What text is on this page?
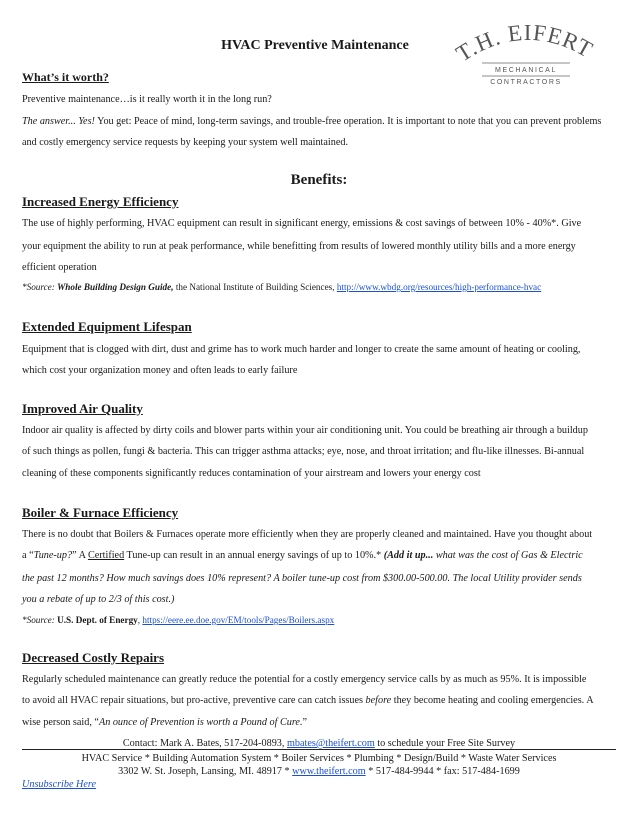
HVAC Preventive Maintenance	T.H. EIFERT
MECHANICAL
CONTRACTORS
What’s it worth?
Preventive maintenance…is it really worth it in the long run?
The answer... Yes! You get: Peace of mind, long-term savings, and trouble-free operation. It is important to note that you can prevent problems
and costly emergency service requests by keeping your system well maintained.
Benefits:
Increased Energy Efficiency
The use of highly performing, HVAC equipment can result in significant energy, emissions & cost savings of between 10% - 40%*. Give
your equipment the ability to run at peak performance, while benefitting from results of lowered monthly utility bills and a more energy
efficient operation
*Source: Whole Building Design Guide, the National Institute of Building Sciences, http://www.wbdg.org/resources/high-performance-hvac
Extended Equipment Lifespan
Equipment that is clogged with dirt, dust and grime has to work much harder and longer to create the same amount of heating or cooling,
which cost your organization money and often leads to early failure
Improved Air Quality
Indoor air quality is affected by dirty coils and blower parts within your air conditioning unit. You could be breathing air through a buildup
of such things as pollen, fungi & bacteria. This can trigger asthma attacks; eye, nose, and throat irritation; and flu-like illnesses. Bi-annual
cleaning of these components significantly reduces contamination of your airstream and lowers your energy cost
Boiler & Furnace Efficiency
There is no doubt that Boilers & Furnaces operate more efficiently when they are properly cleaned and maintained. Have you thought about
a “Tune-up?” A Certified Tune-up can result in an annual energy savings of up to 10%.* (Add it up... what was the cost of Gas & Electric
the past 12 months? How much savings does 10% represent? A boiler tune-up cost from $300.00-500.00. The local Utility provider sends
you a rebate of up to 2/3 of this cost.)
*Source: U.S. Dept. of Energy, https://eere.ee.doe.gov/EM/tools/Pages/Boilers.aspx
Decreased Costly Repairs
Regularly scheduled maintenance can greatly reduce the potential for a costly emergency service calls by as much as 95%. It is impossible
to avoid all HVAC repair situations, but pro-active, preventive care can catch issues before they become heating and cooling emergencies. A
wise person said, “An ounce of Prevention is worth a Pound of Cure.”
Contact: Mark A. Bates, 517-204-0893, mbates@theifert.com to schedule your Free Site Survey
HVAC Service * Building Automation System * Boiler Services * Plumbing * Design/Build * Waste Water Services
3302 W. St. Joseph, Lansing, MI. 48917 * www.theifert.com * 517-484-9944 * fax: 517-484-1699
Unsubscribe Here
